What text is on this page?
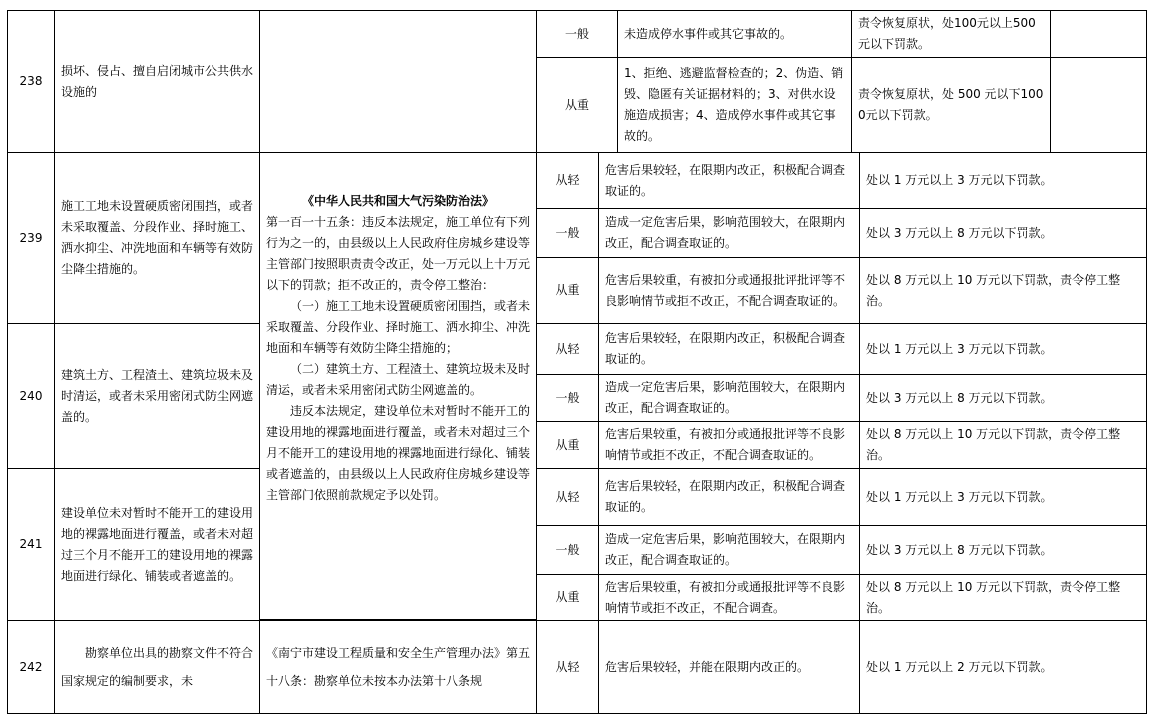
238
损坏、侵占、擅自启闭城市公共供水设施的
一般	未造成停水事件或其它事故的。
责令恢复原状，处100元以上500元以下罚款。
从重
1、拒绝、逃避监督检查的；2、伪造、销毁、隐匿有关证据材料的；3、对供水设施造成损害；4、造成停水事件或其它事故的。
责令恢复原状，处 500 元以下1000元以下罚款。
239
施工工地未设置硬质密闭围挡，或者未采取覆盖、分段作业、择时施工、洒水抑尘、冲洗地面和车辆等有效防尘降尘措施的。
《中华人民共和国大气污染防治法》
第一百一十五条：违反本法规定，施工单位有下列行为之一的，由县级以上人民政府住房城乡建设等主管部门按照职责责令改正，处一万元以上十万元以下的罚款；拒不改正的，责令停工整治：
（一）施工工地未设置硬质密闭围挡，或者未采取覆盖、分段作业、择时施工、洒水抑尘、冲洗地面和车辆等有效防尘降尘措施的；
（二）建筑土方、工程渣土、建筑垃圾未及时清运，或者未采用密闭式防尘网遮盖的。
违反本法规定，建设单位未对暂时不能开工的建设用地的裸露地面进行覆盖，或者未对超过三个月不能开工的建设用地的裸露地面进行绿化、铺装或者遮盖的，由县级以上人民政府住房城乡建设等主管部门依照前款规定予以处罚。
从轻
危害后果较轻，在限期内改正，积极配合调查取证的。
处以 1 万元以上 3 万元以下罚款。
一般
造成一定危害后果，影响范围较大，在限期内改正，配合调查取证的。
处以 3 万元以上 8 万元以下罚款。
从重
危害后果较重，有被扣分或通报批评批评等不良影响情节或拒不改正，不配合调查取证的。
处以 8 万元以上 10 万元以下罚款，责令停工整治。
240
建筑土方、工程渣土、建筑垃圾未及时清运，或者未采用密闭式防尘网遮盖的。
从轻
危害后果较轻，在限期内改正，积极配合调查取证的。
处以 1 万元以上 3 万元以下罚款。
一般
造成一定危害后果，影响范围较大，在限期内改正，配合调查取证的。
处以 3 万元以上 8 万元以下罚款。
从重
危害后果较重，有被扣分或通报批评等不良影响情节或拒不改正，不配合调查取证的。
处以 8 万元以上 10 万元以下罚款，责令停工整治。
241
建设单位未对暂时不能开工的建设用地的裸露地面进行覆盖，或者未对超过三个月不能开工的建设用地的裸露地面进行绿化、铺装或者遮盖的。
从轻
危害后果较轻，在限期内改正，积极配合调查取证的。
处以 1 万元以上 3 万元以下罚款。
一般
造成一定危害后果，影响范围较大，在限期内改正，配合调查取证的。
处以 3 万元以上 8 万元以下罚款。
从重
危害后果较重，有被扣分或通报批评等不良影响情节或拒不改正，不配合调查。
处以 8 万元以上 10 万元以下罚款，责令停工整治。
242
勘察单位出具的勘察文件不符合国家规定的编制要求，未
《南宁市建设工程质量和安全生产管理办法》第五十八条：勘察单位未按本办法第十八条规
从轻 危害后果较轻，并能在限期内改正的。	处以 1 万元以上 2 万元以下罚款。
